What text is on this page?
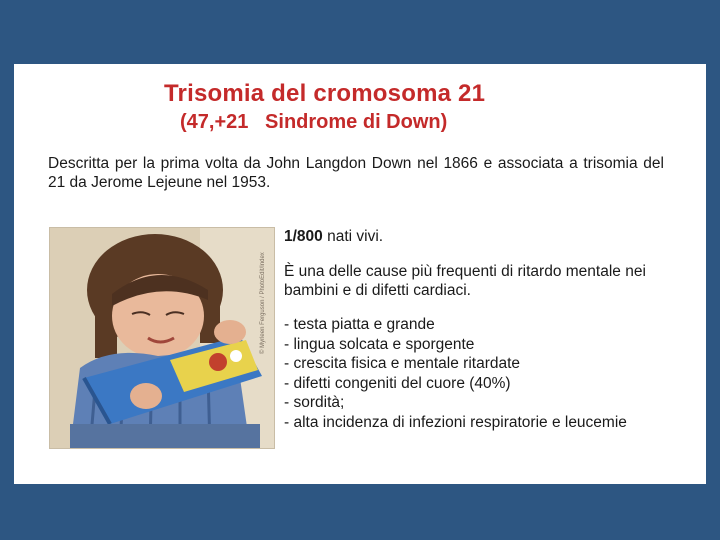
Trisomia del cromosoma 21
(47,+21   Sindrome di Down)

Descritta per la prima volta da John Langdon Down nel 1866 e associata a trisomia del 21 da Jerome Lejeune nel 1953.

© Myrleen Ferguson / PhotoEdit/Index

1/800 nati vivi.

È una delle cause più frequenti di ritardo mentale nei bambini e di difetti cardiaci.

- testa piatta e grande
- lingua solcata e sporgente
- crescita fisica e mentale ritardate
- difetti congeniti del cuore (40%)
- sordità;
- alta incidenza di infezioni respiratorie e leucemie
